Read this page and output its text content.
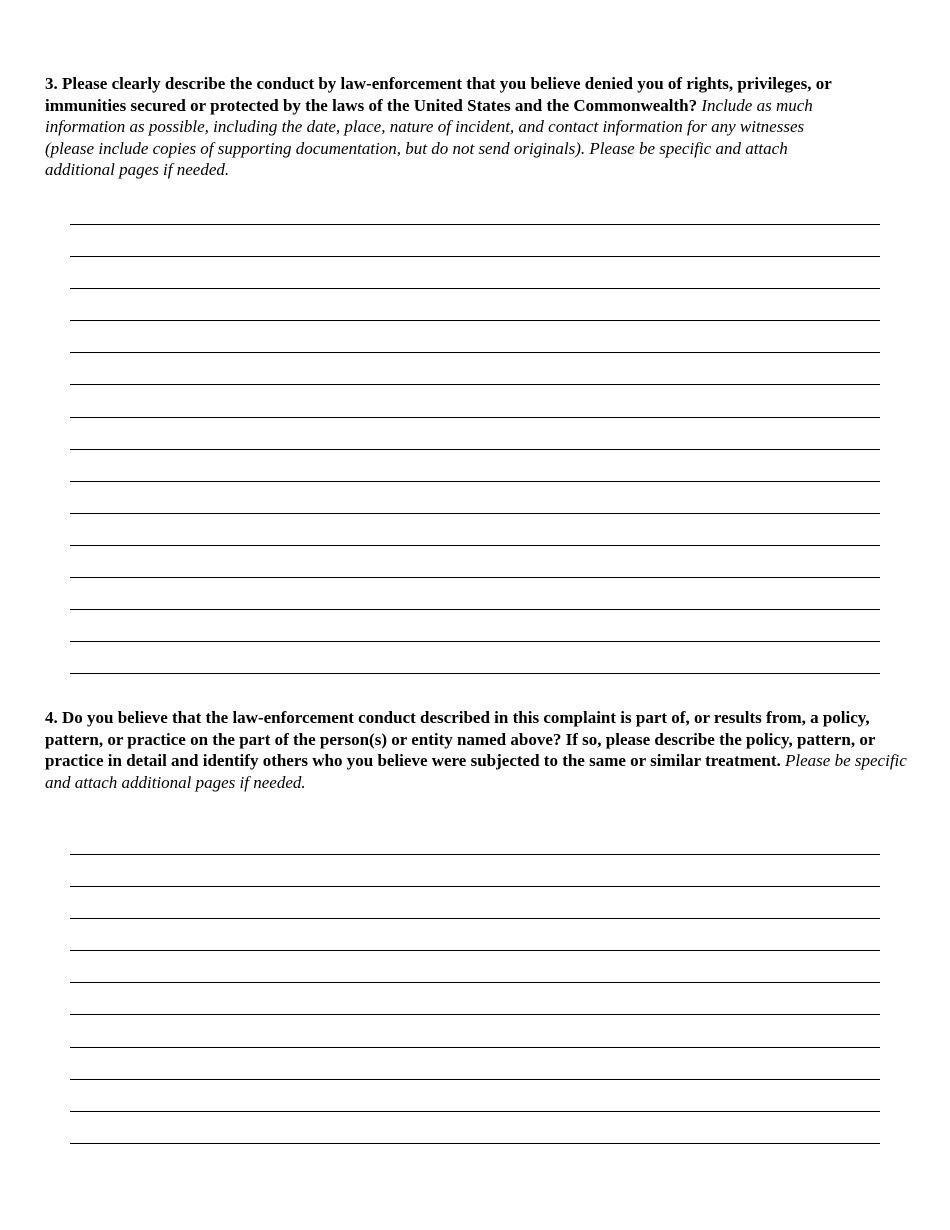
3. Please clearly describe the conduct by law-enforcement that you believe denied you of rights, privileges, or immunities secured or protected by the laws of the United States and the Commonwealth? Include as much information as possible, including the date, place, nature of incident, and contact information for any witnesses (please include copies of supporting documentation, but do not send originals). Please be specific and attach additional pages if needed.
4. Do you believe that the law-enforcement conduct described in this complaint is part of, or results from, a policy, pattern, or practice on the part of the person(s) or entity named above? If so, please describe the policy, pattern, or practice in detail and identify others who you believe were subjected to the same or similar treatment. Please be specific and attach additional pages if needed.
